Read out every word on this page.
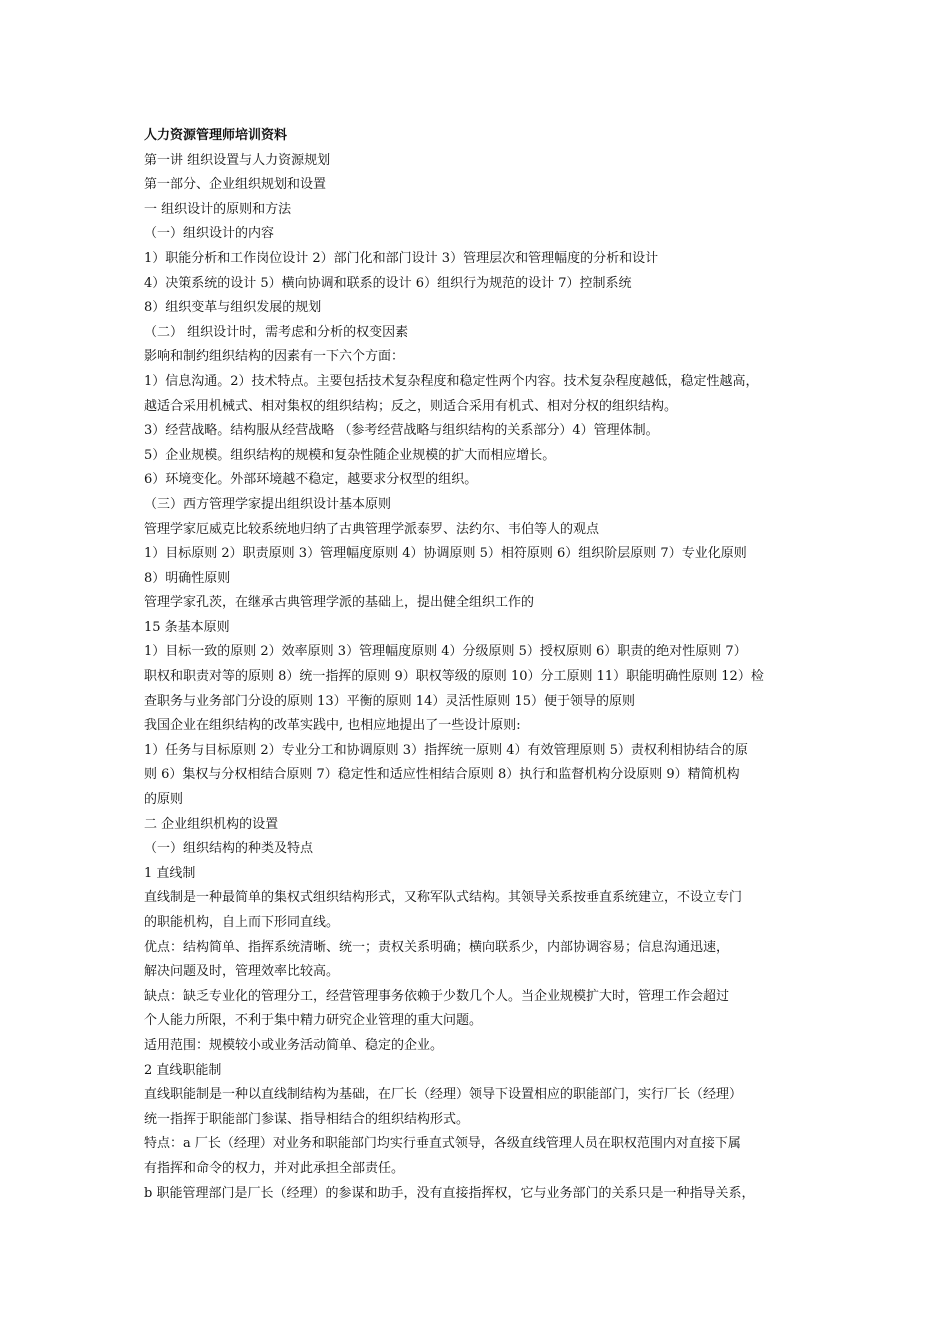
人力资源管理师培训资料
第一讲 组织设置与人力资源规划
第一部分、企业组织规划和设置
一 组织设计的原则和方法
（一）组织设计的内容
1）职能分析和工作岗位设计 2）部门化和部门设计 3）管理层次和管理幅度的分析和设计
4）决策系统的设计 5）横向协调和联系的设计 6）组织行为规范的设计 7）控制系统
8）组织变革与组织发展的规划
（二） 组织设计时，需考虑和分析的权变因素
影响和制约组织结构的因素有一下六个方面：
1）信息沟通。2）技术特点。主要包括技术复杂程度和稳定性两个内容。技术复杂程度越低，稳定性越高，
越适合采用机械式、相对集权的组织结构；反之，则适合采用有机式、相对分权的组织结构。
3）经营战略。结构服从经营战略 （参考经营战略与组织结构的关系部分）4）管理体制。
5）企业规模。组织结构的规模和复杂性随企业规模的扩大而相应增长。
6）环境变化。外部环境越不稳定，越要求分权型的组织。
（三）西方管理学家提出组织设计基本原则
管理学家厄威克比较系统地归纳了古典管理学派泰罗、法约尔、韦伯等人的观点
1）目标原则 2）职责原则 3）管理幅度原则 4）协调原则 5）相符原则 6）组织阶层原则 7）专业化原则
8）明确性原则
管理学家孔茨，在继承古典管理学派的基础上，提出健全组织工作的
15 条基本原则
1）目标一致的原则 2）效率原则 3）管理幅度原则 4）分级原则 5）授权原则 6）职责的绝对性原则 7）
职权和职责对等的原则 8）统一指挥的原则 9）职权等级的原则 10）分工原则 11）职能明确性原则 12）检
查职务与业务部门分设的原则 13）平衡的原则 14）灵活性原则 15）便于领导的原则
我国企业在组织结构的改革实践中, 也相应地提出了一些设计原则:
1）任务与目标原则 2）专业分工和协调原则 3）指挥统一原则 4）有效管理原则 5）责权利相协结合的原
则 6）集权与分权相结合原则 7）稳定性和适应性相结合原则 8）执行和监督机构分设原则 9）精简机构
的原则
二 企业组织机构的设置
（一）组织结构的种类及特点
1 直线制
直线制是一种最简单的集权式组织结构形式，又称军队式结构。其领导关系按垂直系统建立，不设立专门
的职能机构，自上而下形同直线。
优点：结构简单、指挥系统清晰、统一；责权关系明确；横向联系少，内部协调容易；信息沟通迅速，
解决问题及时，管理效率比较高。
缺点：缺乏专业化的管理分工，经营管理事务依赖于少数几个人。当企业规模扩大时，管理工作会超过
个人能力所限，不利于集中精力研究企业管理的重大问题。
适用范围：规模较小或业务活动简单、稳定的企业。
2 直线职能制
直线职能制是一种以直线制结构为基础，在厂长（经理）领导下设置相应的职能部门，实行厂长（经理）
统一指挥于职能部门参谋、指导相结合的组织结构形式。
特点：a 厂长（经理）对业务和职能部门均实行垂直式领导，各级直线管理人员在职权范围内对直接下属
有指挥和命令的权力，并对此承担全部责任。
b 职能管理部门是厂长（经理）的参谋和助手，没有直接指挥权，它与业务部门的关系只是一种指导关系，
